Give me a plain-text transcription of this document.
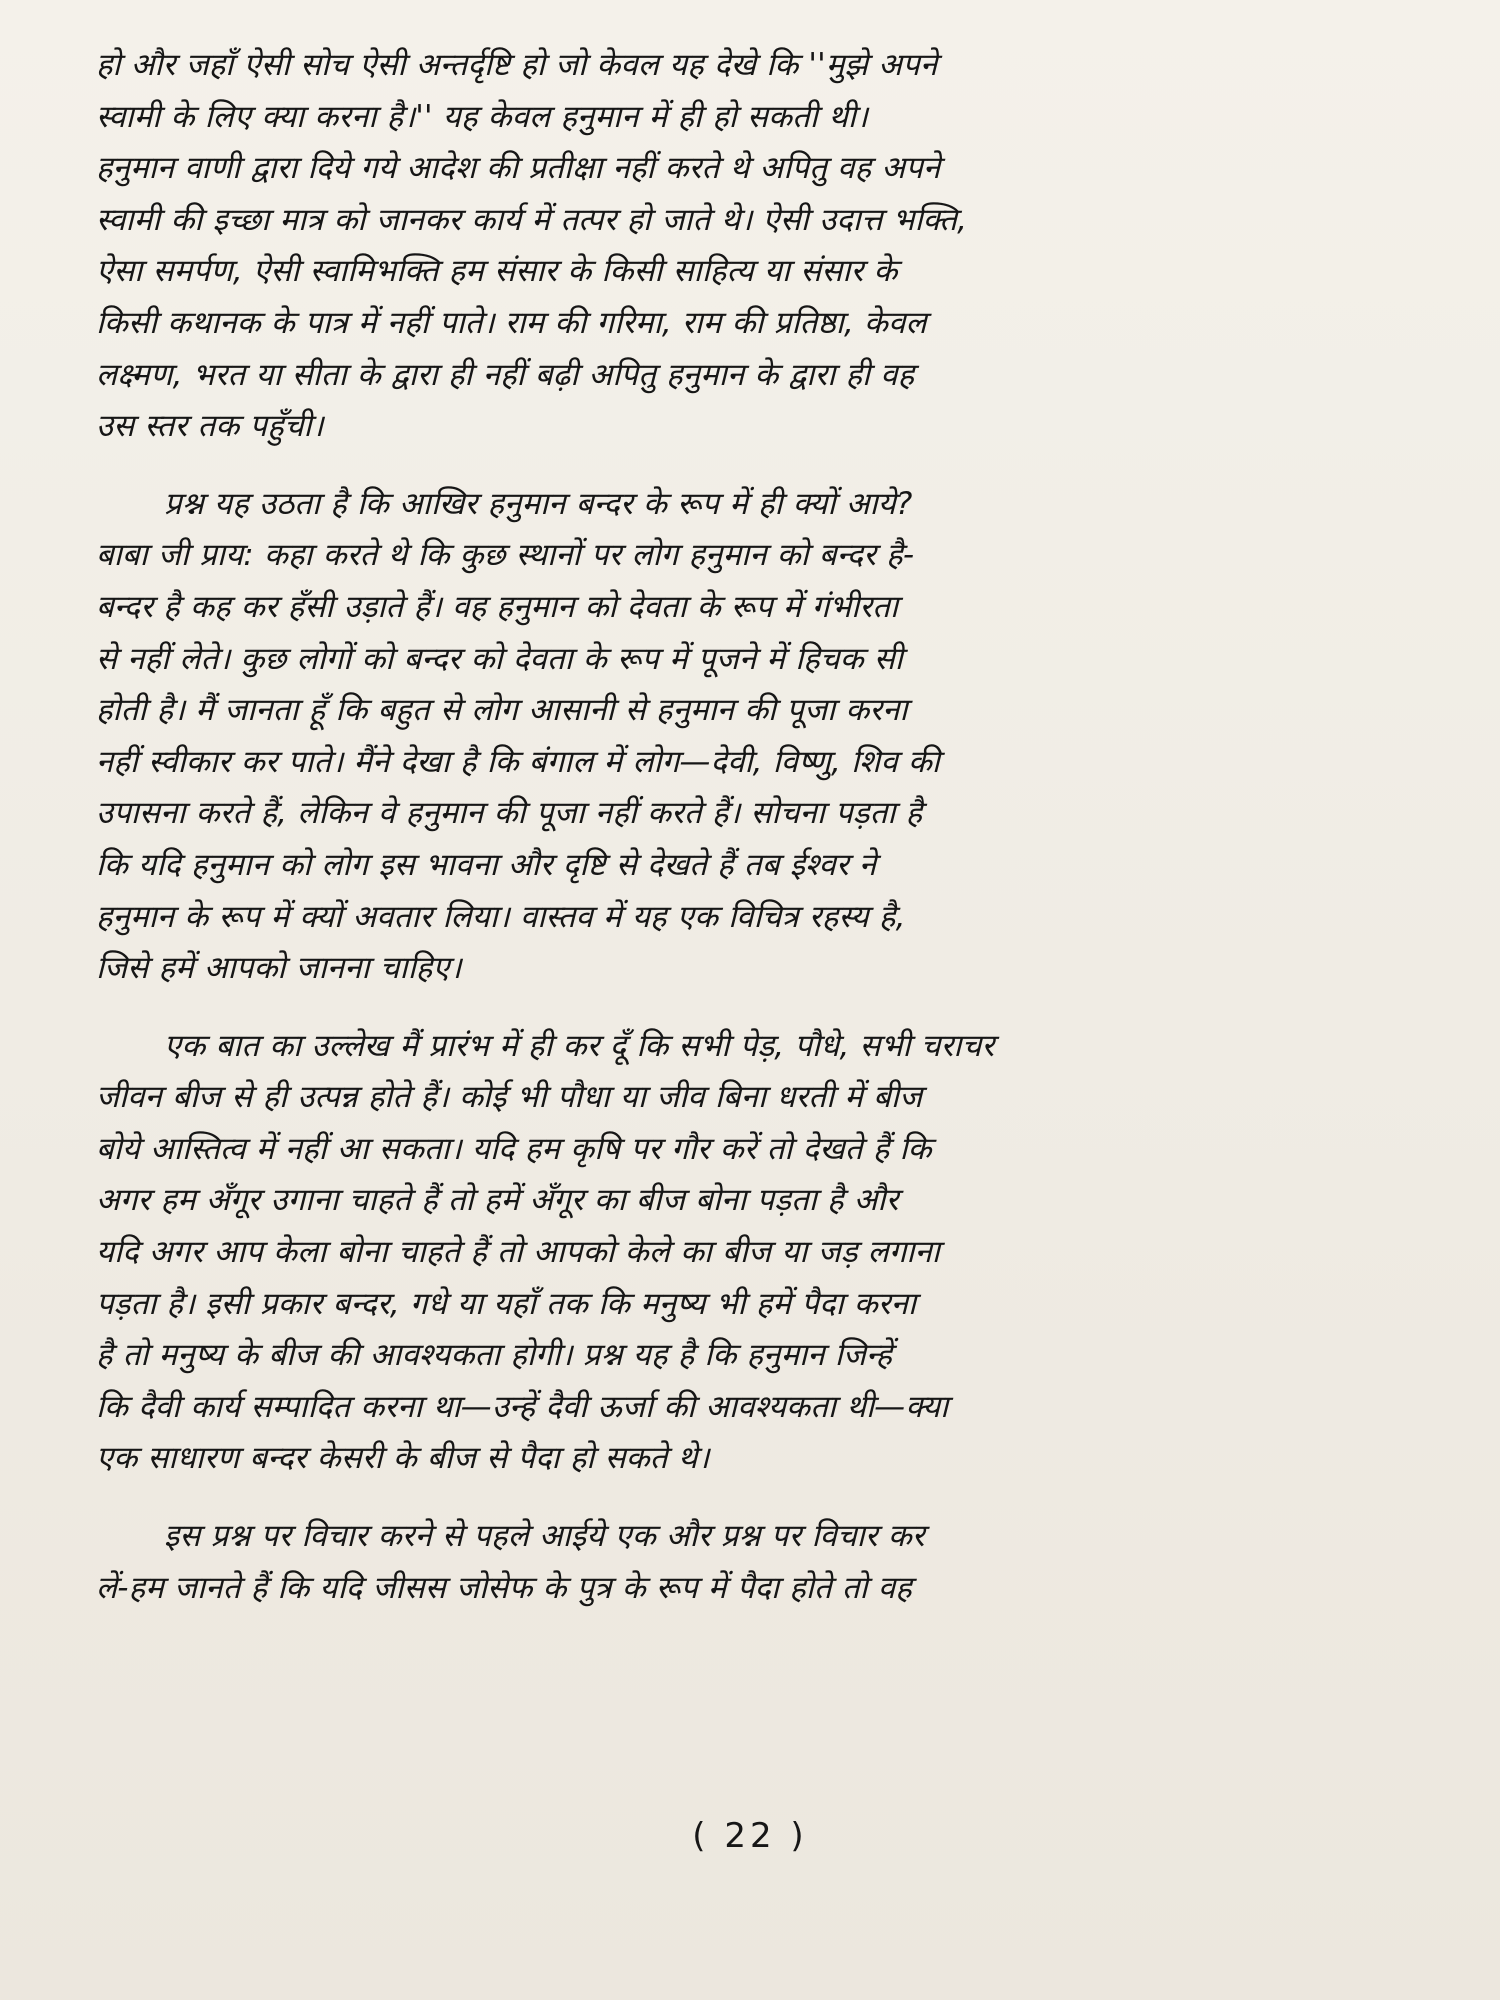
हो और जहाँ ऐसी सोच ऐसी अन्तर्दृष्टि हो जो केवल यह देखे कि ''मुझे अपने
स्वामी के लिए क्या करना है।'' यह केवल हनुमान में ही हो सकती थी।
हनुमान वाणी द्वारा दिये गये आदेश की प्रतीक्षा नहीं करते थे अपितु वह अपने
स्वामी की इच्छा मात्र को जानकर कार्य में तत्पर हो जाते थे। ऐसी उदात्त भक्ति,
ऐसा समर्पण, ऐसी स्वामिभक्ति हम संसार के किसी साहित्य या संसार के
किसी कथानक के पात्र में नहीं पाते। राम की गरिमा, राम की प्रतिष्ठा, केवल
लक्ष्मण, भरत या सीता के द्वारा ही नहीं बढ़ी अपितु हनुमान के द्वारा ही वह
उस स्तर तक पहुँची।

प्रश्न यह उठता है कि आखिर हनुमान बन्दर के रूप में ही क्यों आये?
बाबा जी प्राय: कहा करते थे कि कुछ स्थानों पर लोग हनुमान को बन्दर है-
बन्दर है कह कर हँसी उड़ाते हैं। वह हनुमान को देवता के रूप में गंभीरता
से नहीं लेते। कुछ लोगों को बन्दर को देवता के रूप में पूजने में हिचक सी
होती है। मैं जानता हूँ कि बहुत से लोग आसानी से हनुमान की पूजा करना
नहीं स्वीकार कर पाते। मैंने देखा है कि बंगाल में लोग—देवी, विष्णु, शिव की
उपासना करते हैं, लेकिन वे हनुमान की पूजा नहीं करते हैं। सोचना पड़ता है
कि यदि हनुमान को लोग इस भावना और दृष्टि से देखते हैं तब ईश्वर ने
हनुमान के रूप में क्यों अवतार लिया। वास्तव में यह एक विचित्र रहस्य है,
जिसे हमें आपको जानना चाहिए।

एक बात का उल्लेख मैं प्रारंभ में ही कर दूँ कि सभी पेड़, पौधे, सभी चराचर
जीवन बीज से ही उत्पन्न होते हैं। कोई भी पौधा या जीव बिना धरती में बीज
बोये आस्तित्व में नहीं आ सकता। यदि हम कृषि पर गौर करें तो देखते हैं कि
अगर हम अँगूर उगाना चाहते हैं तो हमें अँगूर का बीज बोना पड़ता है और
यदि अगर आप केला बोना चाहते हैं तो आपको केले का बीज या जड़ लगाना
पड़ता है। इसी प्रकार बन्दर, गधे या यहाँ तक कि मनुष्य भी हमें पैदा करना
है तो मनुष्य के बीज की आवश्यकता होगी। प्रश्न यह है कि हनुमान जिन्हें
कि दैवी कार्य सम्पादित करना था—उन्हें दैवी ऊर्जा की आवश्यकता थी—क्या
एक साधारण बन्दर केसरी के बीज से पैदा हो सकते थे।

इस प्रश्न पर विचार करने से पहले आईये एक और प्रश्न पर विचार कर
लें-हम जानते हैं कि यदि जीसस जोसेफ के पुत्र के रूप में पैदा होते तो वह

( 22 )
